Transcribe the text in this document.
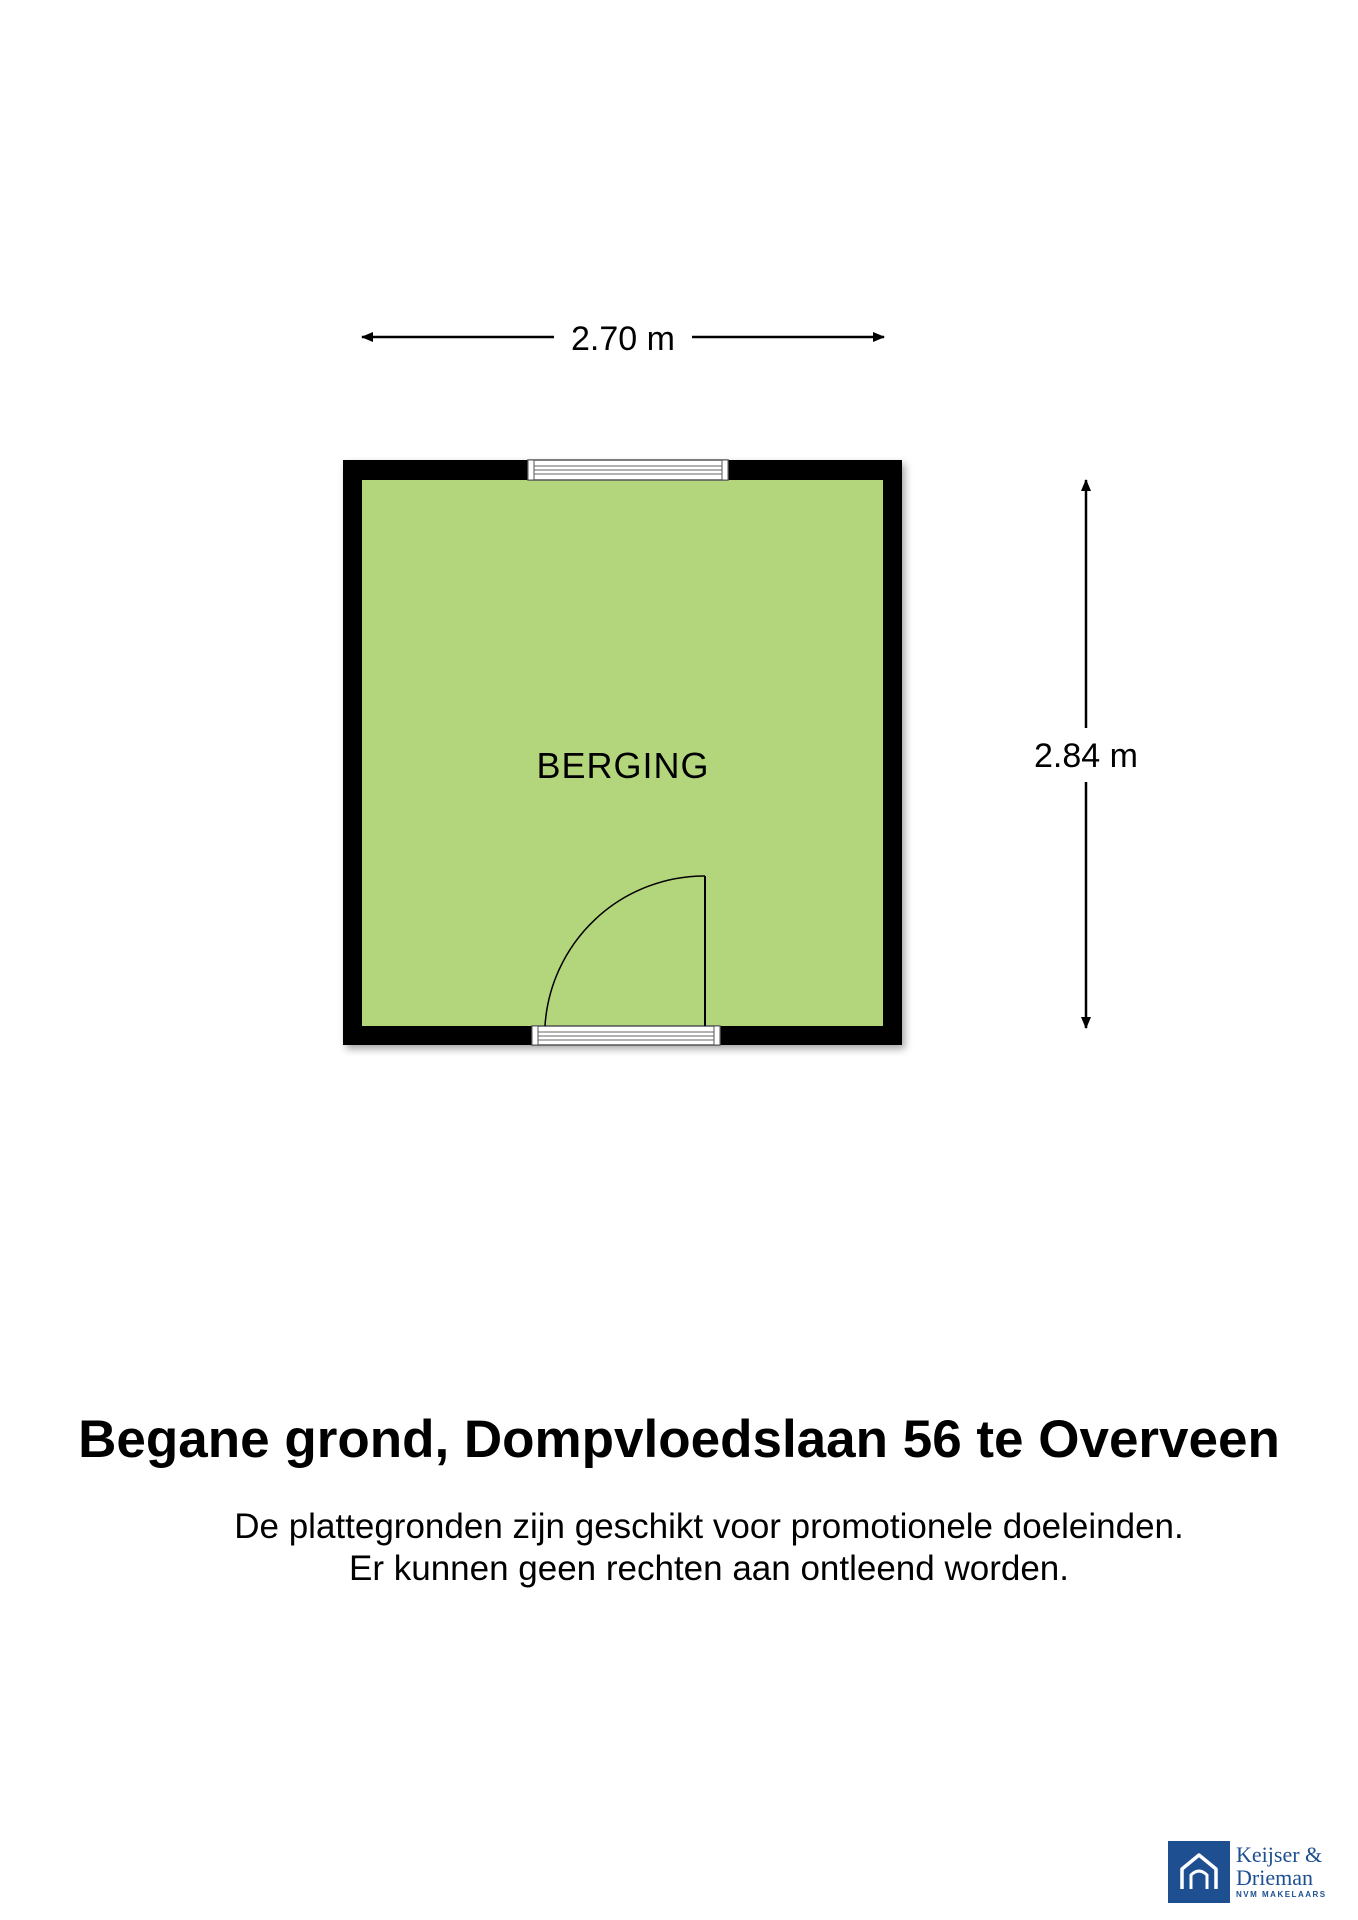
2.70 m
2.84 m
BERGING
Begane grond, Dompvloedslaan 56 te Overveen
De plattegronden zijn geschikt voor promotionele doeleinden.
Er kunnen geen rechten aan ontleend worden.
Keijser &
Drieman
NVM MAKELAARS
